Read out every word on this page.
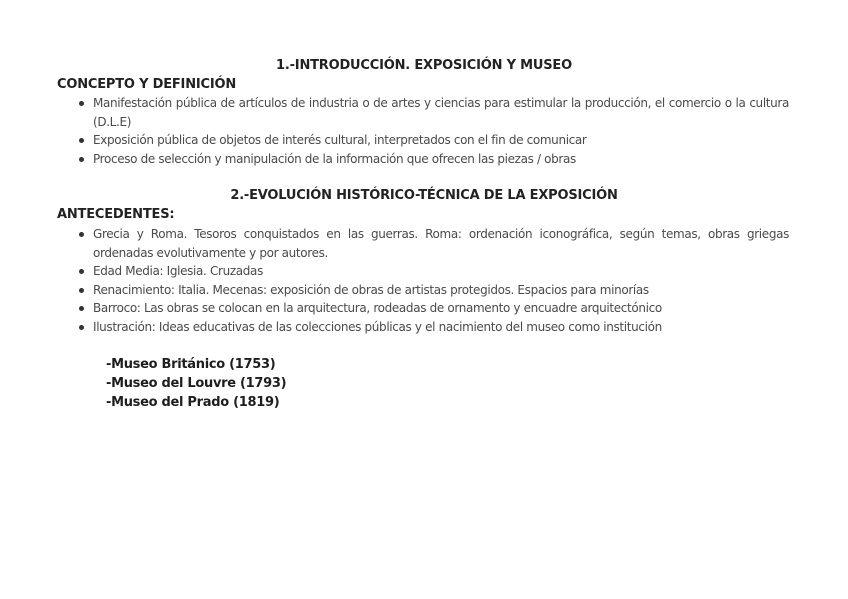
1.-INTRODUCCIÓN. EXPOSICIÓN Y MUSEO
CONCEPTO Y DEFINICIÓN
Manifestación pública de artículos de industria o de artes y ciencias para estimular la producción, el comercio o la cultura (D.L.E)
Exposición pública de objetos de interés cultural, interpretados con el fin de comunicar
Proceso de selección y manipulación de la información que ofrecen las piezas / obras
2.-EVOLUCIÓN HISTÓRICO-TÉCNICA DE LA EXPOSICIÓN
ANTECEDENTES:
Grecia y Roma. Tesoros conquistados en las guerras. Roma: ordenación iconográfica, según temas, obras griegas ordenadas evolutivamente y por autores.
Edad Media: Iglesia. Cruzadas
Renacimiento: Italia. Mecenas: exposición de obras de artistas protegidos. Espacios para minorías
Barroco: Las obras se colocan en la arquitectura, rodeadas de ornamento y encuadre arquitectónico
Ilustración: Ideas educativas de las colecciones públicas y el nacimiento del museo como institución
-Museo Británico (1753)
-Museo del Louvre (1793)
-Museo del Prado (1819)
